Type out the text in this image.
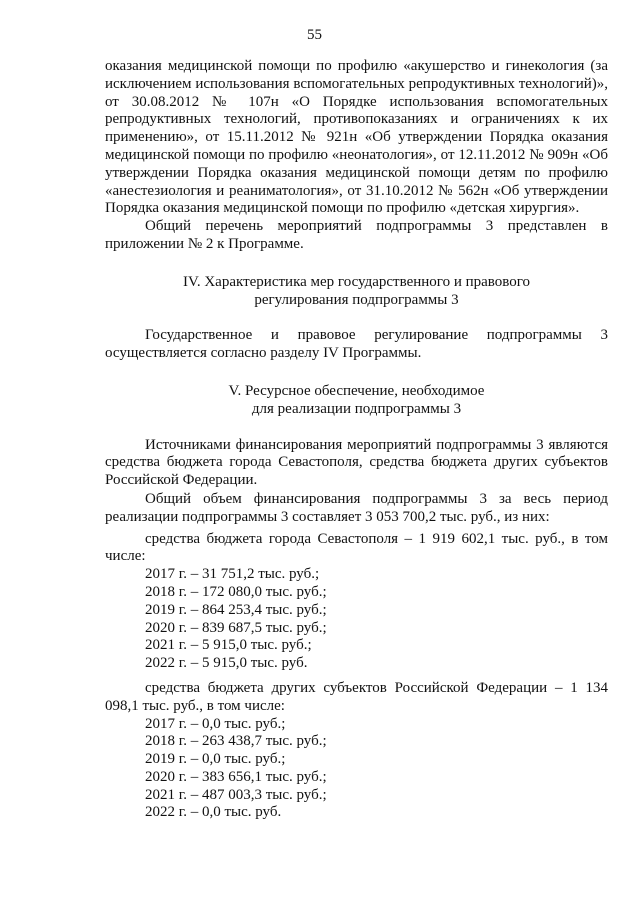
55

оказания медицинской помощи по профилю «акушерство и гинекология (за исключением использования вспомогательных репродуктивных технологий)», от 30.08.2012 № 107н «О Порядке использования вспомогательных репродуктивных технологий, противопоказаниях и ограничениях к их применению», от 15.11.2012 № 921н «Об утверждении Порядка оказания медицинской помощи по профилю «неонатология», от 12.11.2012 № 909н «Об утверждении Порядка оказания медицинской помощи детям по профилю «анестезиология и реаниматология», от 31.10.2012 № 562н «Об утверждении Порядка оказания медицинской помощи по профилю «детская хирургия».

Общий перечень мероприятий подпрограммы 3 представлен в приложении № 2 к Программе.

IV. Характеристика мер государственного и правового

регулирования подпрограммы 3

Государственное и правовое регулирование подпрограммы 3 осуществляется согласно разделу IV Программы.

V. Ресурсное обеспечение, необходимое

для реализации подпрограммы 3

Источниками финансирования мероприятий подпрограммы 3 являются средства бюджета города Севастополя, средства бюджета других субъектов Российской Федерации.

Общий объем финансирования подпрограммы 3 за весь период реализации подпрограммы 3 составляет 3 053 700,2 тыс. руб., из них:

средства бюджета города Севастополя – 1 919 602,1 тыс. руб., в том числе:

2017 г. – 31 751,2 тыс. руб.;

2018 г. – 172 080,0 тыс. руб.;

2019 г. – 864 253,4 тыс. руб.;

2020 г. – 839 687,5 тыс. руб.;

2021 г. – 5 915,0 тыс. руб.;

2022 г. – 5 915,0 тыс. руб.

средства бюджета других субъектов Российской Федерации – 1 134 098,1 тыс. руб., в том числе:

2017 г. – 0,0 тыс. руб.;

2018 г. – 263 438,7 тыс. руб.;

2019 г. – 0,0 тыс. руб.;

2020 г. – 383 656,1 тыс. руб.;

2021 г. – 487 003,3 тыс. руб.;

2022 г. – 0,0 тыс. руб.
